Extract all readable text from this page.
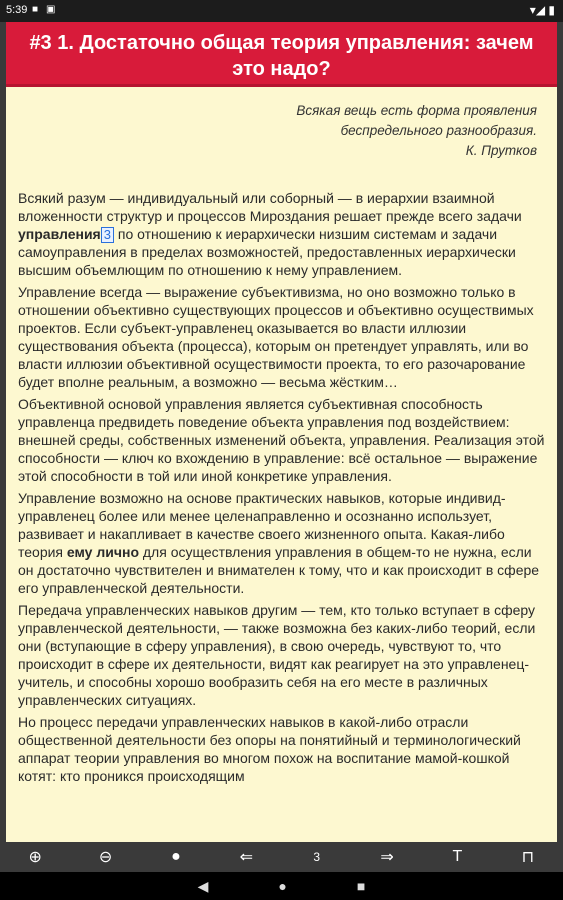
5:39 ■ ▣	▾◢ ▮
#3 1. Достаточно общая теория управления: зачем это надо?
Всякая вещь есть форма проявления
беспредельного разнообразия.
К. Прутков

Всякий разум — индивидуальный или соборный — в иерархии взаимной вложенности структур и процессов Мироздания решает прежде всего задачи управления 3 по отношению к иерархически низшим системам и задачи самоуправления в пределах возможностей, предоставленных иерархически высшим объемлющим по отношению к нему управлением.

Управление всегда — выражение субъективизма, но оно возможно только в отношении объективно существующих процессов и объективно осуществимых проектов. Если субъект-управленец оказывается во власти иллюзии существования объекта (процесса), которым он претендует управлять, или во власти иллюзии объективной осуществимости проекта, то его разочарование будет вполне реальным, а возможно — весьма жёстким…

Объективной основой управления является субъективная способность управленца предвидеть поведение объекта управления под воздействием: внешней среды, собственных изменений объекта, управления. Реализация этой способности — ключ ко вхождению в управление: всё остальное — выражение этой способности в той или иной конкретике управления.

Управление возможно на основе практических навыков, которые индивид-управленец более или менее целенаправленно и осознанно использует, развивает и накапливает в качестве своего жизненного опыта. Какая-либо теория ему лично для осуществления управления в общем-то не нужна, если он достаточно чувствителен и внимателен к тому, что и как происходит в сфере его управленческой деятельности.

Передача управленческих навыков другим — тем, кто только вступает в сферу управленческой деятельности, — также возможна без каких-либо теорий, если они (вступающие в сферу управления), в свою очередь, чувствуют то, что происходит в сфере их деятельности, видят как реагирует на это управленец-учитель, и способны хорошо вообразить себя на его месте в различных управленческих ситуациях.

Но процесс передачи управленческих навыков в какой-либо отрасли общественной деятельности без опоры на понятийный и терминологический аппарат теории управления во многом похож на воспитание мамой-кошкой котят: кто проникся происходящим

⊕	⊖	●	⇐	3	⇒	T	⊓
◀	●	■
